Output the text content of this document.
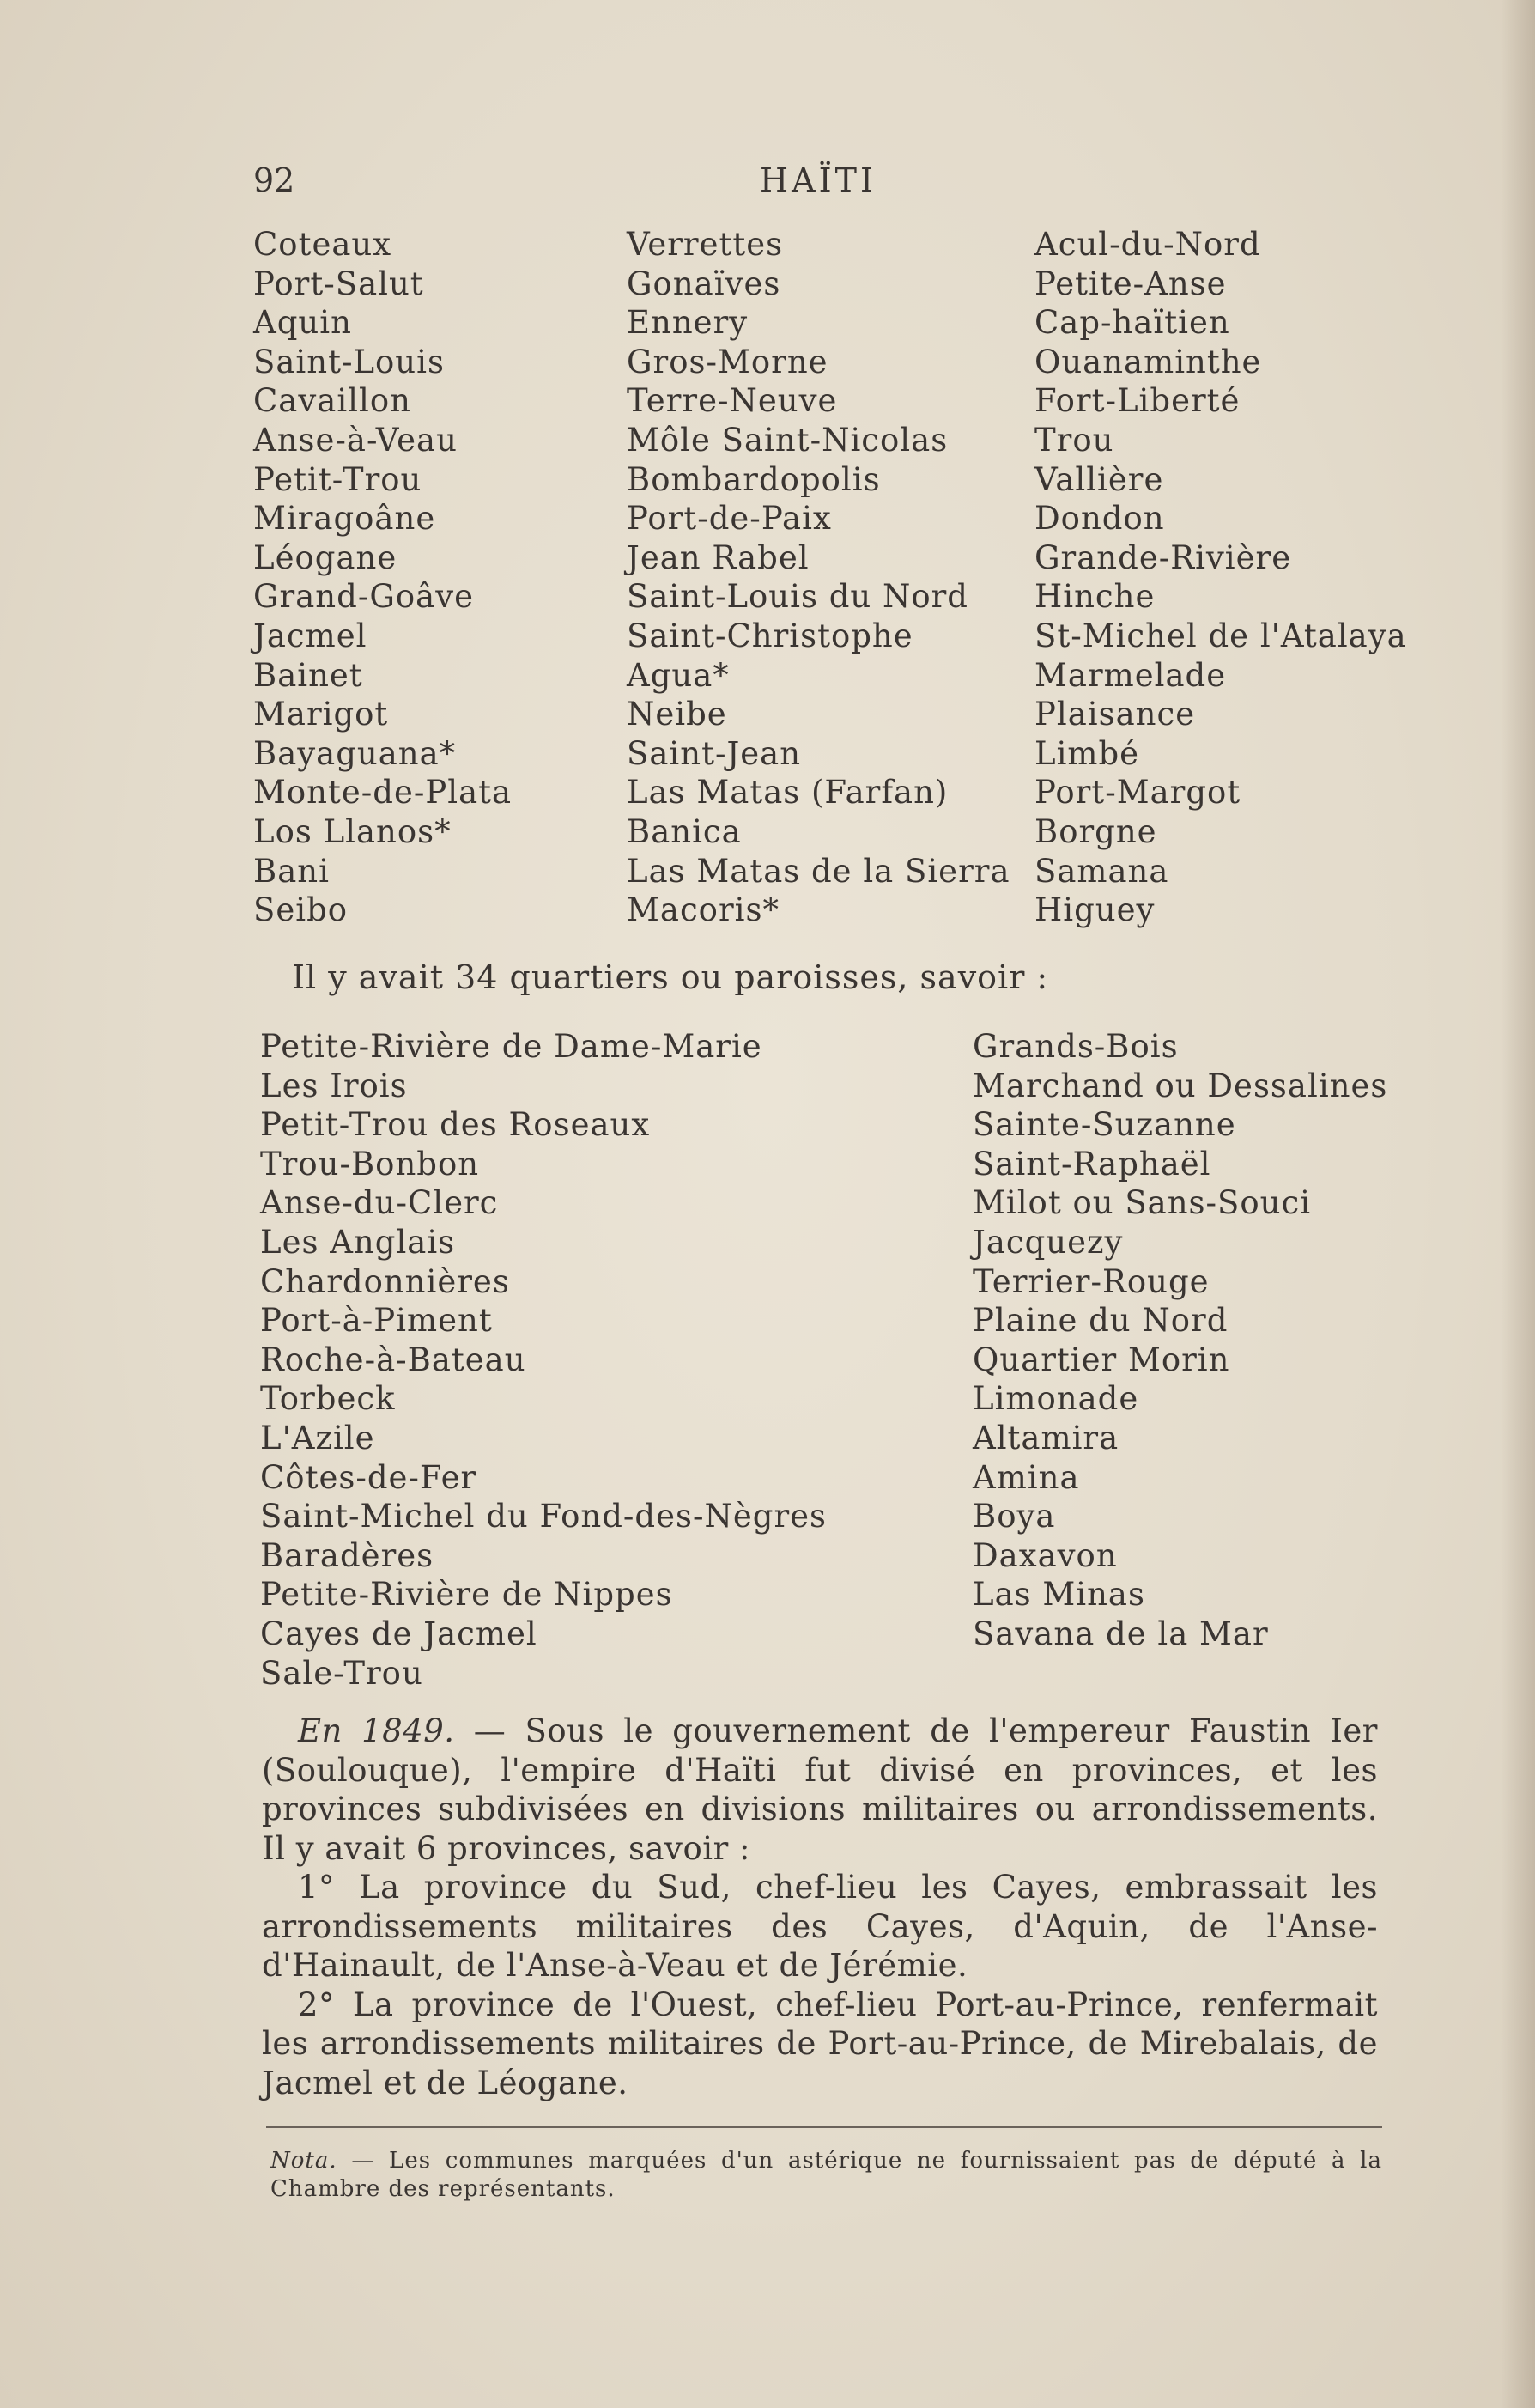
92	HAÏTI
Coteaux
Port-Salut
Aquin
Saint-Louis
Cavaillon
Anse-à-Veau
Petit-Trou
Miragoâne
Léogane
Grand-Goâve
Jacmel
Bainet
Marigot
Bayaguana*
Monte-de-Plata
Los Llanos*
Bani
Seibo
Verrettes
Gonaïves
Ennery
Gros-Morne
Terre-Neuve
Môle Saint-Nicolas
Bombardopolis
Port-de-Paix
Jean Rabel
Saint-Louis du Nord
Saint-Christophe
Agua*
Neibe
Saint-Jean
Las Matas (Farfan)
Banica
Las Matas de la Sierra
Macoris*
Acul-du-Nord
Petite-Anse
Cap-haïtien
Ouanaminthe
Fort-Liberté
Trou
Vallière
Dondon
Grande-Rivière
Hinche
St-Michel de l'Atalaya
Marmelade
Plaisance
Limbé
Port-Margot
Borgne
Samana
Higuey
Il y avait 34 quartiers ou paroisses, savoir :
Petite-Rivière de Dame-Marie
Les Irois
Petit-Trou des Roseaux
Trou-Bonbon
Anse-du-Clerc
Les Anglais
Chardonnières
Port-à-Piment
Roche-à-Bateau
Torbeck
L'Azile
Côtes-de-Fer
Saint-Michel du Fond-des-Nègres
Baradères
Petite-Rivière de Nippes
Cayes de Jacmel
Sale-Trou
Grands-Bois
Marchand ou Dessalines
Sainte-Suzanne
Saint-Raphaël
Milot ou Sans-Souci
Jacquezy
Terrier-Rouge
Plaine du Nord
Quartier Morin
Limonade
Altamira
Amina
Boya
Daxavon
Las Minas
Savana de la Mar

En 1849. — Sous le gouvernement de l'empereur Faustin Ier (Soulouque), l'empire d'Haïti fut divisé en provinces, et les provinces subdivisées en divisions militaires ou arrondissements. Il y avait 6 provinces, savoir :

1° La province du Sud, chef-lieu les Cayes, embrassait les arrondissements militaires des Cayes, d'Aquin, de l'Anse-d'Hainault, de l'Anse-à-Veau et de Jérémie.

2° La province de l'Ouest, chef-lieu Port-au-Prince, renfermait les arrondissements militaires de Port-au-Prince, de Mirebalais, de Jacmel et de Léogane.

Nota. — Les communes marquées d'un astérique ne fournissaient pas de député à la Chambre des représentants.
